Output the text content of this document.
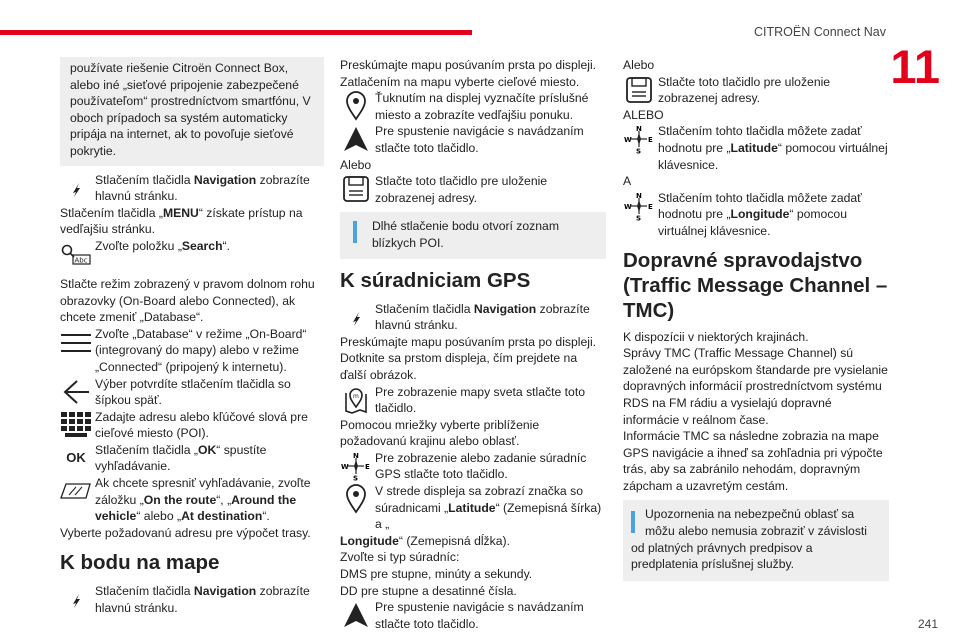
CITROËN Connect Nav
11
241

používate riešenie Citroën Connect Box, alebo iné „sieťové pripojenie zabezpečené používateľom“ prostredníctvom smartfónu, V oboch prípadoch sa systém automaticky pripája na internet, ak to povoľuje sieťové pokrytie.

Stlačením tlačidla Navigation zobrazíte hlavnú stránku.

Stlačením tlačidla „MENU“ získate prístup na vedľajšiu stránku.

Abc

Zvoľte položku „Search“.

Stlačte režim zobrazený v pravom dolnom rohu obrazovky (On-Board alebo Connected), ak chcete zmeniť „Database“.

Zvoľte „Database“ v režime „On-Board“ (integrovaný do mapy) alebo v režime „Connected“ (pripojený k internetu).

Výber potvrdíte stlačením tlačidla so šípkou späť.

Zadajte adresu alebo kľúčové slová pre cieľové miesto (POI).

OK Stlačením tlačidla „OK“ spustíte vyhľadávanie.

Ak chcete spresniť vyhľadávanie, zvoľte záložku „On the route“, „Around the vehicle“ alebo „At destination“.

Vyberte požadovanú adresu pre výpočet trasy.

K bodu na mape

Stlačením tlačidla Navigation zobrazíte hlavnú stránku.

Preskúmajte mapu posúvaním prsta po displeji. Zatlačením na mapu vyberte cieľové miesto.

Ťuknutím na displej vyznačíte príslušné miesto a zobrazíte vedľajšiu ponuku.

Pre spustenie navigácie s navádzaním stlačte toto tlačidlo.

Alebo

Stlačte toto tlačidlo pre uloženie zobrazenej adresy.

Dlhé stlačenie bodu otvorí zoznam blízkych POI.

K súradniciam GPS

Stlačením tlačidla Navigation zobrazíte hlavnú stránku.

Preskúmajte mapu posúvaním prsta po displeji. Dotknite sa prstom displeja, čím prejdete na ďalší obrázok.

m Pre zobrazenie mapy sveta stlačte toto tlačidlo.

Pomocou mriežky vyberte priblíženie požadovanú krajinu alebo oblasť.

N
S
W E

Pre zobrazenie alebo zadanie súradníc GPS stlačte toto tlačidlo.

V strede displeja sa zobrazí značka so súradnicami „Latitude“ (Zemepisná šírka) a „

Longitude“ (Zemepisná dĺžka).

Zvoľte si typ súradníc:

DMS pre stupne, minúty a sekundy.

DD pre stupne a desatinné čísla.

Pre spustenie navigácie s navádzaním stlačte toto tlačidlo.

Alebo

Stlačte toto tlačidlo pre uloženie zobrazenej adresy.

ALEBO

N
S
W E

Stlačením tohto tlačidla môžete zadať hodnotu pre „Latitude“ pomocou virtuálnej klávesnice.

A

N
S
W E

Stlačením tohto tlačidla môžete zadať hodnotu pre „Longitude“ pomocou virtuálnej klávesnice.

Dopravné spravodajstvo (Traffic Message Channel – TMC)

K dispozícii v niektorých krajinách.

Správy TMC (Traffic Message Channel) sú založené na európskom štandarde pre vysielanie dopravných informácií prostredníctvom systému RDS na FM rádiu a vysielajú dopravné informácie v reálnom čase.

Informácie TMC sa následne zobrazia na mape GPS navigácie a ihneď sa zohľadnia pri výpočte trás, aby sa zabránilo nehodám, dopravným zápcham a uzavretým cestám.

Upozornenia na nebezpečnú oblasť sa môžu alebo nemusia zobraziť v závislosti od platných právnych predpisov a predplatenia príslušnej služby.
